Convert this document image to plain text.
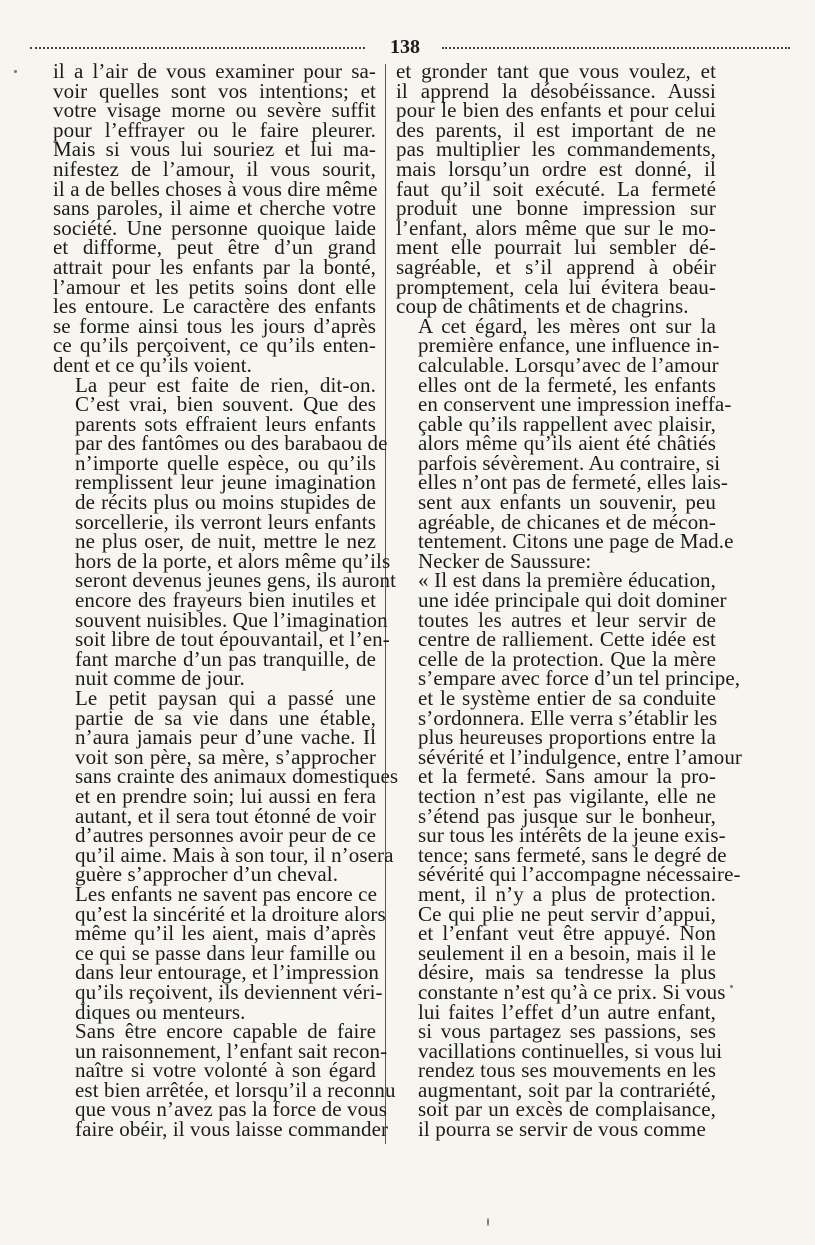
138

il a l’air de vous examiner pour sa-
voir quelles sont vos intentions; et
votre visage morne ou sevère suffit
pour l’effrayer ou le faire pleurer.
Mais si vous lui souriez et lui ma-
nifestez de l’amour, il vous sourit,
il a de belles choses à vous dire même
sans paroles, il aime et cherche votre
société. Une personne quoique laide
et difforme, peut être d’un grand
attrait pour les enfants par la bonté,
l’amour et les petits soins dont elle
les entoure. Le caractère des enfants
se forme ainsi tous les jours d’après
ce qu’ils perçoivent, ce qu’ils enten-
dent et ce qu’ils voient.

La peur est faite de rien, dit-on.
C’est vrai, bien souvent. Que des
parents sots effraient leurs enfants
par des fantômes ou des barabaou de
n’importe quelle espèce, ou qu’ils
remplissent leur jeune imagination
de récits plus ou moins stupides de
sorcellerie, ils verront leurs enfants
ne plus oser, de nuit, mettre le nez
hors de la porte, et alors même qu’ils
seront devenus jeunes gens, ils auront
encore des frayeurs bien inutiles et
souvent nuisibles. Que l’imagination
soit libre de tout épouvantail, et l’en-
fant marche d’un pas tranquille, de
nuit comme de jour.

Le petit paysan qui a passé une
partie de sa vie dans une étable,
n’aura jamais peur d’une vache. Il
voit son père, sa mère, s’approcher
sans crainte des animaux domestiques
et en prendre soin; lui aussi en fera
autant, et il sera tout étonné de voir
d’autres personnes avoir peur de ce
qu’il aime. Mais à son tour, il n’osera
guère s’approcher d’un cheval.

Les enfants ne savent pas encore ce
qu’est la sincérité et la droiture alors
même qu’il les aient, mais d’après
ce qui se passe dans leur famille ou
dans leur entourage, et l’impression
qu’ils reçoivent, ils deviennent véri-
diques ou menteurs.

Sans être encore capable de faire
un raisonnement, l’enfant sait recon-
naître si votre volonté à son égard
est bien arrêtée, et lorsqu’il a reconnu
que vous n’avez pas la force de vous
faire obéir, il vous laisse commander

et gronder tant que vous voulez, et
il apprend la désobéissance. Aussi
pour le bien des enfants et pour celui
des parents, il est important de ne
pas multiplier les commandements,
mais lorsqu’un ordre est donné, il
faut qu’il soit exécuté. La fermeté
produit une bonne impression sur
l’enfant, alors même que sur le mo-
ment elle pourrait lui sembler dé-
sagréable, et s’il apprend à obéir
promptement, cela lui évitera beau-
coup de châtiments et de chagrins.

A cet égard, les mères ont sur la
première enfance, une influence in-
calculable. Lorsqu’avec de l’amour
elles ont de la fermeté, les enfants
en conservent une impression ineffa-
çable qu’ils rappellent avec plaisir,
alors même qu’ils aient été châtiés
parfois sévèrement. Au contraire, si
elles n’ont pas de fermeté, elles lais-
sent aux enfants un souvenir, peu
agréable, de chicanes et de mécon-
tentement. Citons une page de Mad.e
Necker de Saussure:

« Il est dans la première éducation,
une idée principale qui doit dominer
toutes les autres et leur servir de
centre de ralliement. Cette idée est
celle de la protection. Que la mère
s’empare avec force d’un tel principe,
et le système entier de sa conduite
s’ordonnera. Elle verra s’établir les
plus heureuses proportions entre la
sévérité et l’indulgence, entre l’amour
et la fermeté. Sans amour la pro-
tection n’est pas vigilante, elle ne
s’étend pas jusque sur le bonheur,
sur tous les intérêts de la jeune exis-
tence; sans fermeté, sans le degré de
sévérité qui l’accompagne nécessaire-
ment, il n’y a plus de protection.
Ce qui plie ne peut servir d’appui,
et l’enfant veut être appuyé. Non
seulement il en a besoin, mais il le
désire, mais sa tendresse la plus
constante n’est qu’à ce prix. Si vous
lui faites l’effet d’un autre enfant,
si vous partagez ses passions, ses
vacillations continuelles, si vous lui
rendez tous ses mouvements en les
augmentant, soit par la contrariété,
soit par un excès de complaisance,
il pourra se servir de vous comme
